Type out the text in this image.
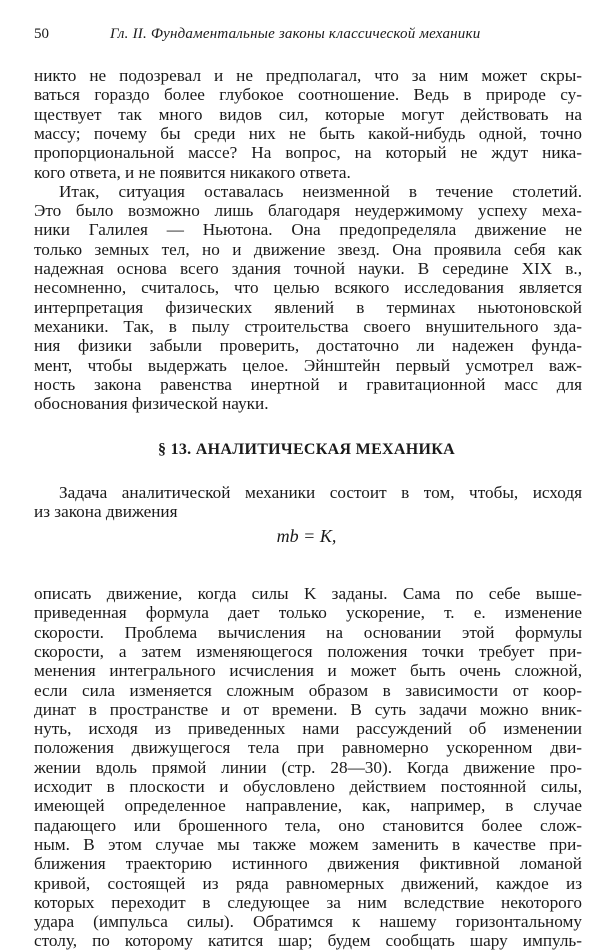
50	Гл. II. Фундаментальные законы классической механики
никто не подозревал и не предполагал, что за ним может скры-
ваться гораздо более глубокое соотношение. Ведь в природе су-
ществует так много видов сил, которые могут действовать на
массу; почему бы среди них не быть какой-нибудь одной, точно
пропорциональной массе? На вопрос, на который не ждут ника-
кого ответа, и не появится никакого ответа.
Итак, ситуация оставалась неизменной в течение столетий.
Это было возможно лишь благодаря неудержимому успеху меха-
ники Галилея — Ньютона. Она предопределяла движение не
только земных тел, но и движение звезд. Она проявила себя как
надежная основа всего здания точной науки. В середине XIX в.,
несомненно, считалось, что целью всякого исследования является
интерпретация физических явлений в терминах ньютоновской
механики. Так, в пылу строительства своего внушительного зда-
ния физики забыли проверить, достаточно ли надежен фунда-
мент, чтобы выдержать целое. Эйнштейн первый усмотрел важ-
ность закона равенства инертной и гравитационной масс для
обоснования физической науки.
§ 13. АНАЛИТИЧЕСКАЯ МЕХАНИКА
Задача аналитической механики состоит в том, чтобы, исходя
из закона движения
mb = K,
описать движение, когда силы K заданы. Сама по себе выше-
приведенная формула дает только ускорение, т. е. изменение
скорости. Проблема вычисления на основании этой формулы
скорости, а затем изменяющегося положения точки требует при-
менения интегрального исчисления и может быть очень сложной,
если сила изменяется сложным образом в зависимости от коор-
динат в пространстве и от времени. В суть задачи можно вник-
нуть, исходя из приведенных нами рассуждений об изменении
положения движущегося тела при равномерно ускоренном дви-
жении вдоль прямой линии (стр. 28—30). Когда движение про-
исходит в плоскости и обусловлено действием постоянной силы,
имеющей определенное направление, как, например, в случае
падающего или брошенного тела, оно становится более слож-
ным. В этом случае мы также можем заменить в качестве при-
ближения траекторию истинного движения фиктивной ломаной
кривой, состоящей из ряда равномерных движений, каждое из
которых переходит в следующее за ним вследствие некоторого
удара (импульса силы). Обратимся к нашему горизонтальному
столу, по которому катится шар; будем сообщать шару импуль-
